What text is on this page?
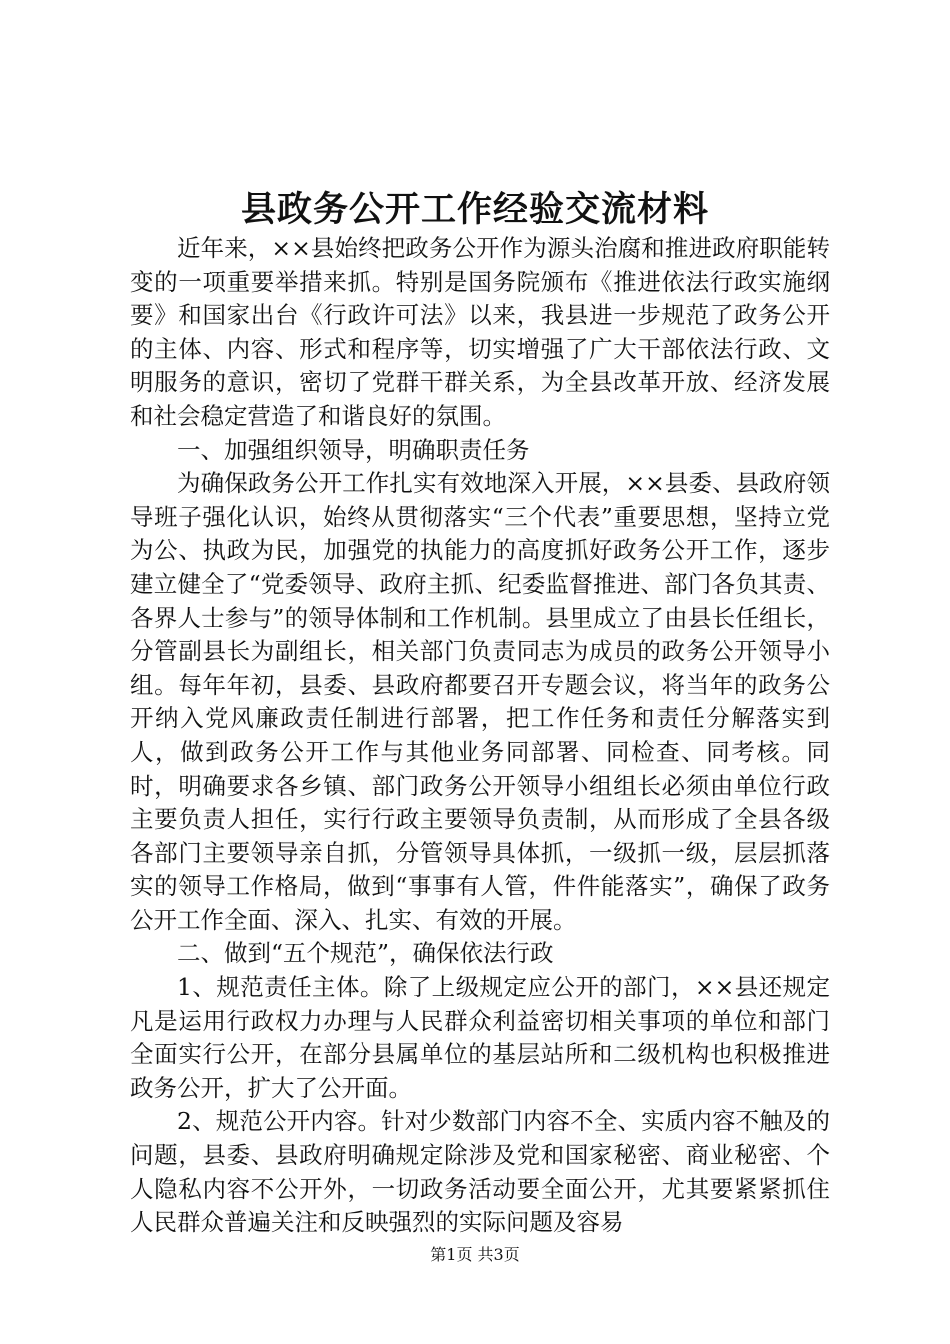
县政务公开工作经验交流材料

近年来，××县始终把政务公开作为源头治腐和推进政府职能转变的一项重要举措来抓。特别是国务院颁布《推进依法行政实施纲要》和国家出台《行政许可法》以来，我县进一步规范了政务公开的主体、内容、形式和程序等，切实增强了广大干部依法行政、文明服务的意识，密切了党群干群关系，为全县改革开放、经济发展和社会稳定营造了和谐良好的氛围。

一、加强组织领导，明确职责任务

为确保政务公开工作扎实有效地深入开展，××县委、县政府领导班子强化认识，始终从贯彻落实“三个代表”重要思想，坚持立党为公、执政为民，加强党的执能力的高度抓好政务公开工作，逐步建立健全了“党委领导、政府主抓、纪委监督推进、部门各负其责、各界人士参与”的领导体制和工作机制。县里成立了由县长任组长，分管副县长为副组长，相关部门负责同志为成员的政务公开领导小组。每年年初，县委、县政府都要召开专题会议，将当年的政务公开纳入党风廉政责任制进行部署，把工作任务和责任分解落实到人，做到政务公开工作与其他业务同部署、同检查、同考核。同时，明确要求各乡镇、部门政务公开领导小组组长必须由单位行政主要负责人担任，实行行政主要领导负责制，从而形成了全县各级各部门主要领导亲自抓，分管领导具体抓，一级抓一级，层层抓落实的领导工作格局，做到“事事有人管，件件能落实”，确保了政务公开工作全面、深入、扎实、有效的开展。

二、做到“五个规范”，确保依法行政

1、规范责任主体。除了上级规定应公开的部门，××县还规定凡是运用行政权力办理与人民群众利益密切相关事项的单位和部门全面实行公开，在部分县属单位的基层站所和二级机构也积极推进政务公开，扩大了公开面。

2、规范公开内容。针对少数部门内容不全、实质内容不触及的问题，县委、县政府明确规定除涉及党和国家秘密、商业秘密、个人隐私内容不公开外，一切政务活动要全面公开，尤其要紧紧抓住人民群众普遍关注和反映强烈的实际问题及容易

第1页 共3页
